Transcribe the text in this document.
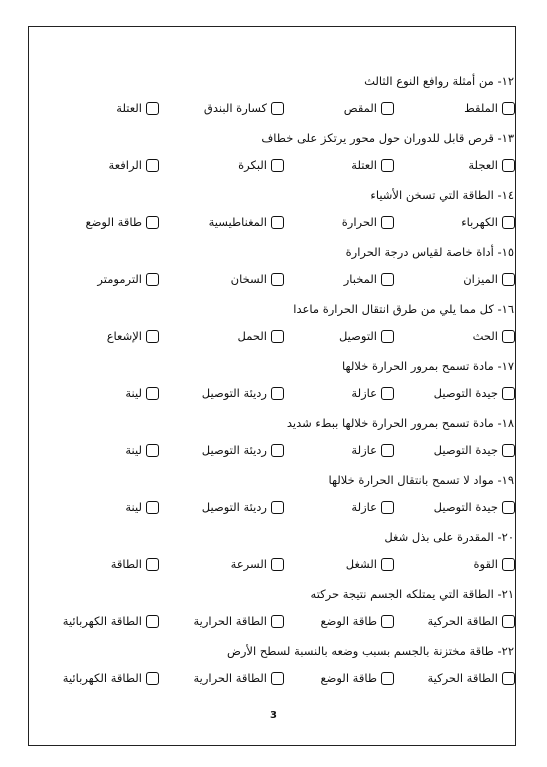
١٢- من أمثلة روافع النوع الثالث
الملقط
المقص
كسارة البندق
العتلة
١٣- قرص قابل للدوران حول محور يرتكز على خطاف
العجلة
العتلة
البكرة
الرافعة
١٤- الطاقة التي تسخن الأشياء
الكهرباء
الحرارة
المغناطيسية
طاقة الوضع
١٥- أداة خاصة لقياس درجة الحرارة
الميزان
المخبار
السخان
الترمومتر
١٦- كل مما يلي من طرق انتقال الحرارة ماعدا
الحث
التوصيل
الحمل
الإشعاع
١٧- مادة تسمح بمرور الحرارة خلالها
جيدة التوصيل
عازلة
رديئة التوصيل
لينة
١٨- مادة تسمح بمرور الحرارة خلالها ببطء شديد
جيدة التوصيل
عازلة
رديئة التوصيل
لينة
١٩- مواد لا تسمح بانتقال الحرارة خلالها
جيدة التوصيل
عازلة
رديئة التوصيل
لينة
٢٠- المقدرة على بذل شغل
القوة
الشغل
السرعة
الطاقة
٢١- الطاقة التي يمتلكه الجسم نتيجة حركته
الطاقة الحركية
طاقة الوضع
الطاقة الحرارية
الطاقة الكهربائية
٢٢- طاقة مختزنة بالجسم بسبب وضعه بالنسبة لسطح الأرض
الطاقة الحركية
طاقة الوضع
الطاقة الحرارية
الطاقة الكهربائية
3
